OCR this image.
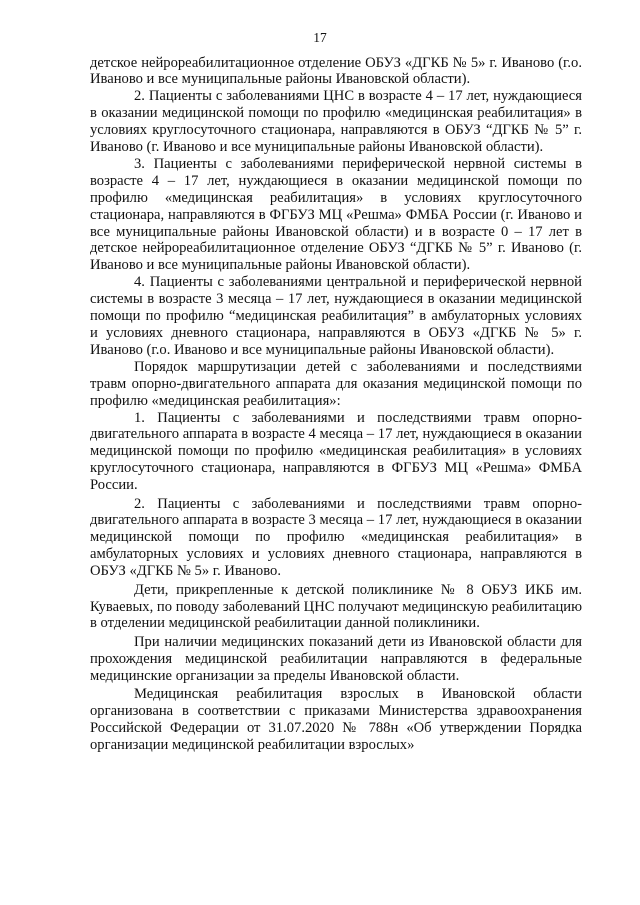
17

детское нейрореабилитационное отделение ОБУЗ «ДГКБ № 5» г. Иваново (г.о. Иваново и все муниципальные районы Ивановской области).

2. Пациенты с заболеваниями ЦНС в возрасте 4 – 17 лет, нуждающиеся в оказании медицинской помощи по профилю «медицинская реабилитация» в условиях круглосуточного стационара, направляются в ОБУЗ “ДГКБ № 5” г. Иваново (г. Иваново и все муниципальные районы Ивановской области).

3. Пациенты с заболеваниями периферической нервной системы в возрасте 4 – 17 лет, нуждающиеся в оказании медицинской помощи по профилю «медицинская реабилитация» в условиях круглосуточного стационара, направляются в ФГБУЗ МЦ «Решма» ФМБА России (г. Иваново и все муниципальные районы Ивановской области) и в возрасте 0 – 17 лет в детское нейрореабилитационное отделение ОБУЗ “ДГКБ № 5” г. Иваново (г. Иваново и все муниципальные районы Ивановской области).

4. Пациенты с заболеваниями центральной и периферической нервной системы в возрасте 3 месяца – 17 лет, нуждающиеся в оказании медицинской помощи по профилю “медицинская реабилитация” в амбулаторных условиях и условиях дневного стационара, направляются в ОБУЗ «ДГКБ № 5» г. Иваново (г.о. Иваново и все муниципальные районы Ивановской области).

Порядок маршрутизации детей с заболеваниями и последствиями травм опорно-двигательного аппарата для оказания медицинской помощи по профилю «медицинская реабилитация»:

1. Пациенты с заболеваниями и последствиями травм опорно-двигательного аппарата в возрасте 4 месяца – 17 лет, нуждающиеся в оказании медицинской помощи по профилю «медицинская реабилитация» в условиях круглосуточного стационара, направляются в ФГБУЗ МЦ «Решма» ФМБА России.

2. Пациенты с заболеваниями и последствиями травм опорно-двигательного аппарата в возрасте 3 месяца – 17 лет, нуждающиеся в оказании медицинской помощи по профилю «медицинская реабилитация» в амбулаторных условиях и условиях дневного стационара, направляются в ОБУЗ «ДГКБ № 5» г. Иваново.

Дети, прикрепленные к детской поликлинике № 8 ОБУЗ ИКБ им. Куваевых, по поводу заболеваний ЦНС получают медицинскую реабилитацию в отделении медицинской реабилитации данной поликлиники.

При наличии медицинских показаний дети из Ивановской области для прохождения медицинской реабилитации направляются в федеральные медицинские организации за пределы Ивановской области.

Медицинская реабилитация взрослых в Ивановской области организована в соответствии с приказами Министерства здравоохранения Российской Федерации от 31.07.2020 № 788н «Об утверждении Порядка организации медицинской реабилитации взрослых»
